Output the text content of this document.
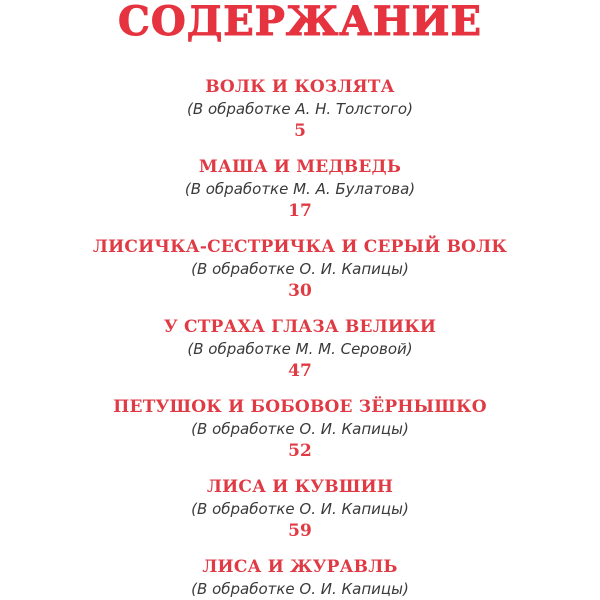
СОДЕРЖАНИЕ
ВОЛК И КОЗЛЯТА
(В обработке А. Н. Толстого)
5
МАША И МЕДВЕДЬ
(В обработке М. А. Булатова)
17
ЛИСИЧКА-СЕСТРИЧКА И СЕРЫЙ ВОЛК
(В обработке О. И. Капицы)
30
У СТРАХА ГЛАЗА ВЕЛИКИ
(В обработке М. М. Серовой)
47
ПЕТУШОК И БОБОВОЕ ЗЁРНЫШКО
(В обработке О. И. Капицы)
52
ЛИСА И КУВШИН
(В обработке О. И. Капицы)
59
ЛИСА И ЖУРАВЛЬ
(В обработке О. И. Капицы)
